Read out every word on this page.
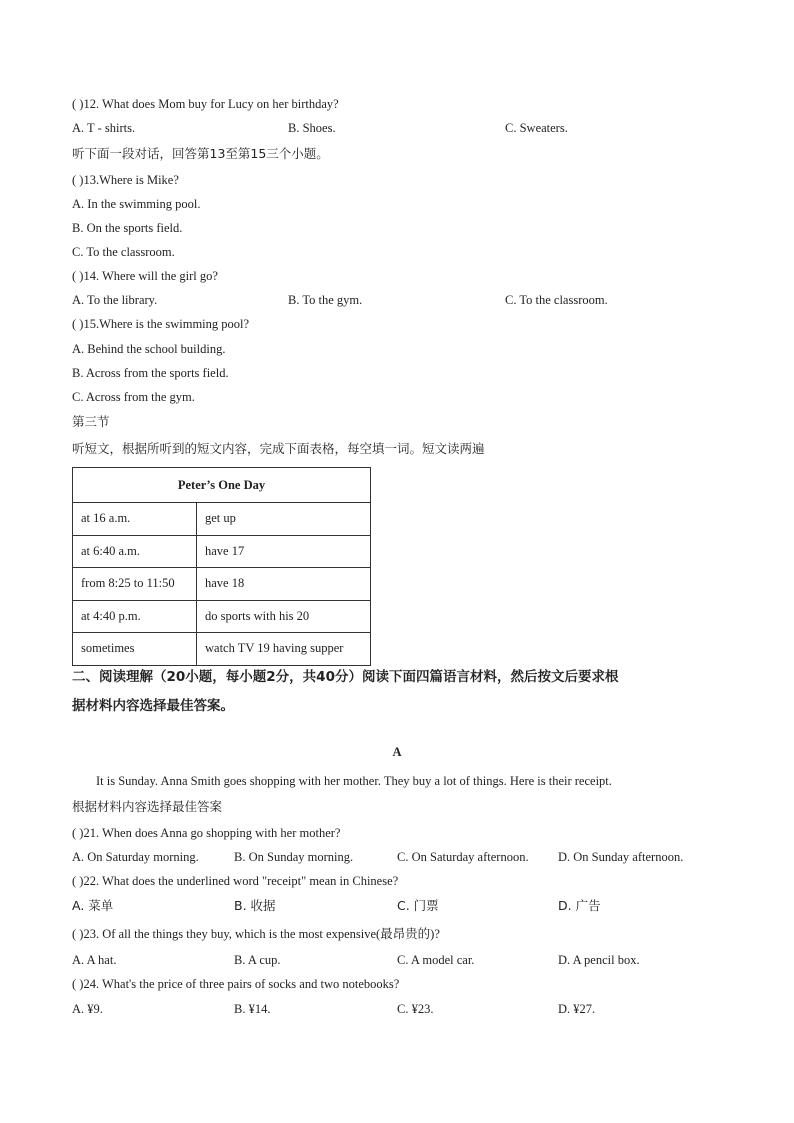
( )12. What does Mom buy for Lucy on her birthday?
A. T - shirts.	B. Shoes.	C. Sweaters.
听下面一段对话，回答第13至第15三个小题。
( )13.Where is Mike?
A. In the swimming pool.
B. On the sports field.
C. To the classroom.
( )14. Where will the girl go?
A. To the library.	B. To the gym.	C. To the classroom.
( )15.Where is the swimming pool?
A. Behind the school building.
B. Across from the sports field.
C. Across from the gym.
第三节
听短文，根据所听到的短文内容，完成下面表格，每空填一词。短文读两遍
Peter’s One Day	
at 16 a.m.	get up
at 6:40 a.m.	have 17
from 8:25 to 11:50	have 18
at 4:40 p.m.	do sports with his 20
sometimes	watch TV 19 having supper
二、阅读理解（20小题，每小题2分，共40分）阅读下面四篇语言材料，然后按文后要求根
据材料内容选择最佳答案。
A
It is Sunday. Anna Smith goes shopping with her mother. They buy a lot of things. Here is their receipt.
根据材料内容选择最佳答案
( )21. When does Anna go shopping with her mother?
A. On Saturday morning.	B. On Sunday morning.	C. On Saturday afternoon. D. On Sunday afternoon.
( )22. What does the underlined word "receipt" mean in Chinese?
A. 菜单	B. 收据	C. 门票	D. 广告
( )23. Of all the things they buy, which is the most expensive(最昂贵的)?
A. A hat.	B. A cup.	C. A model car.	D. A pencil box.
( )24. What's the price of three pairs of socks and two notebooks?
A. ¥9.	B. ¥14.	C. ¥23.	D. ¥27.
